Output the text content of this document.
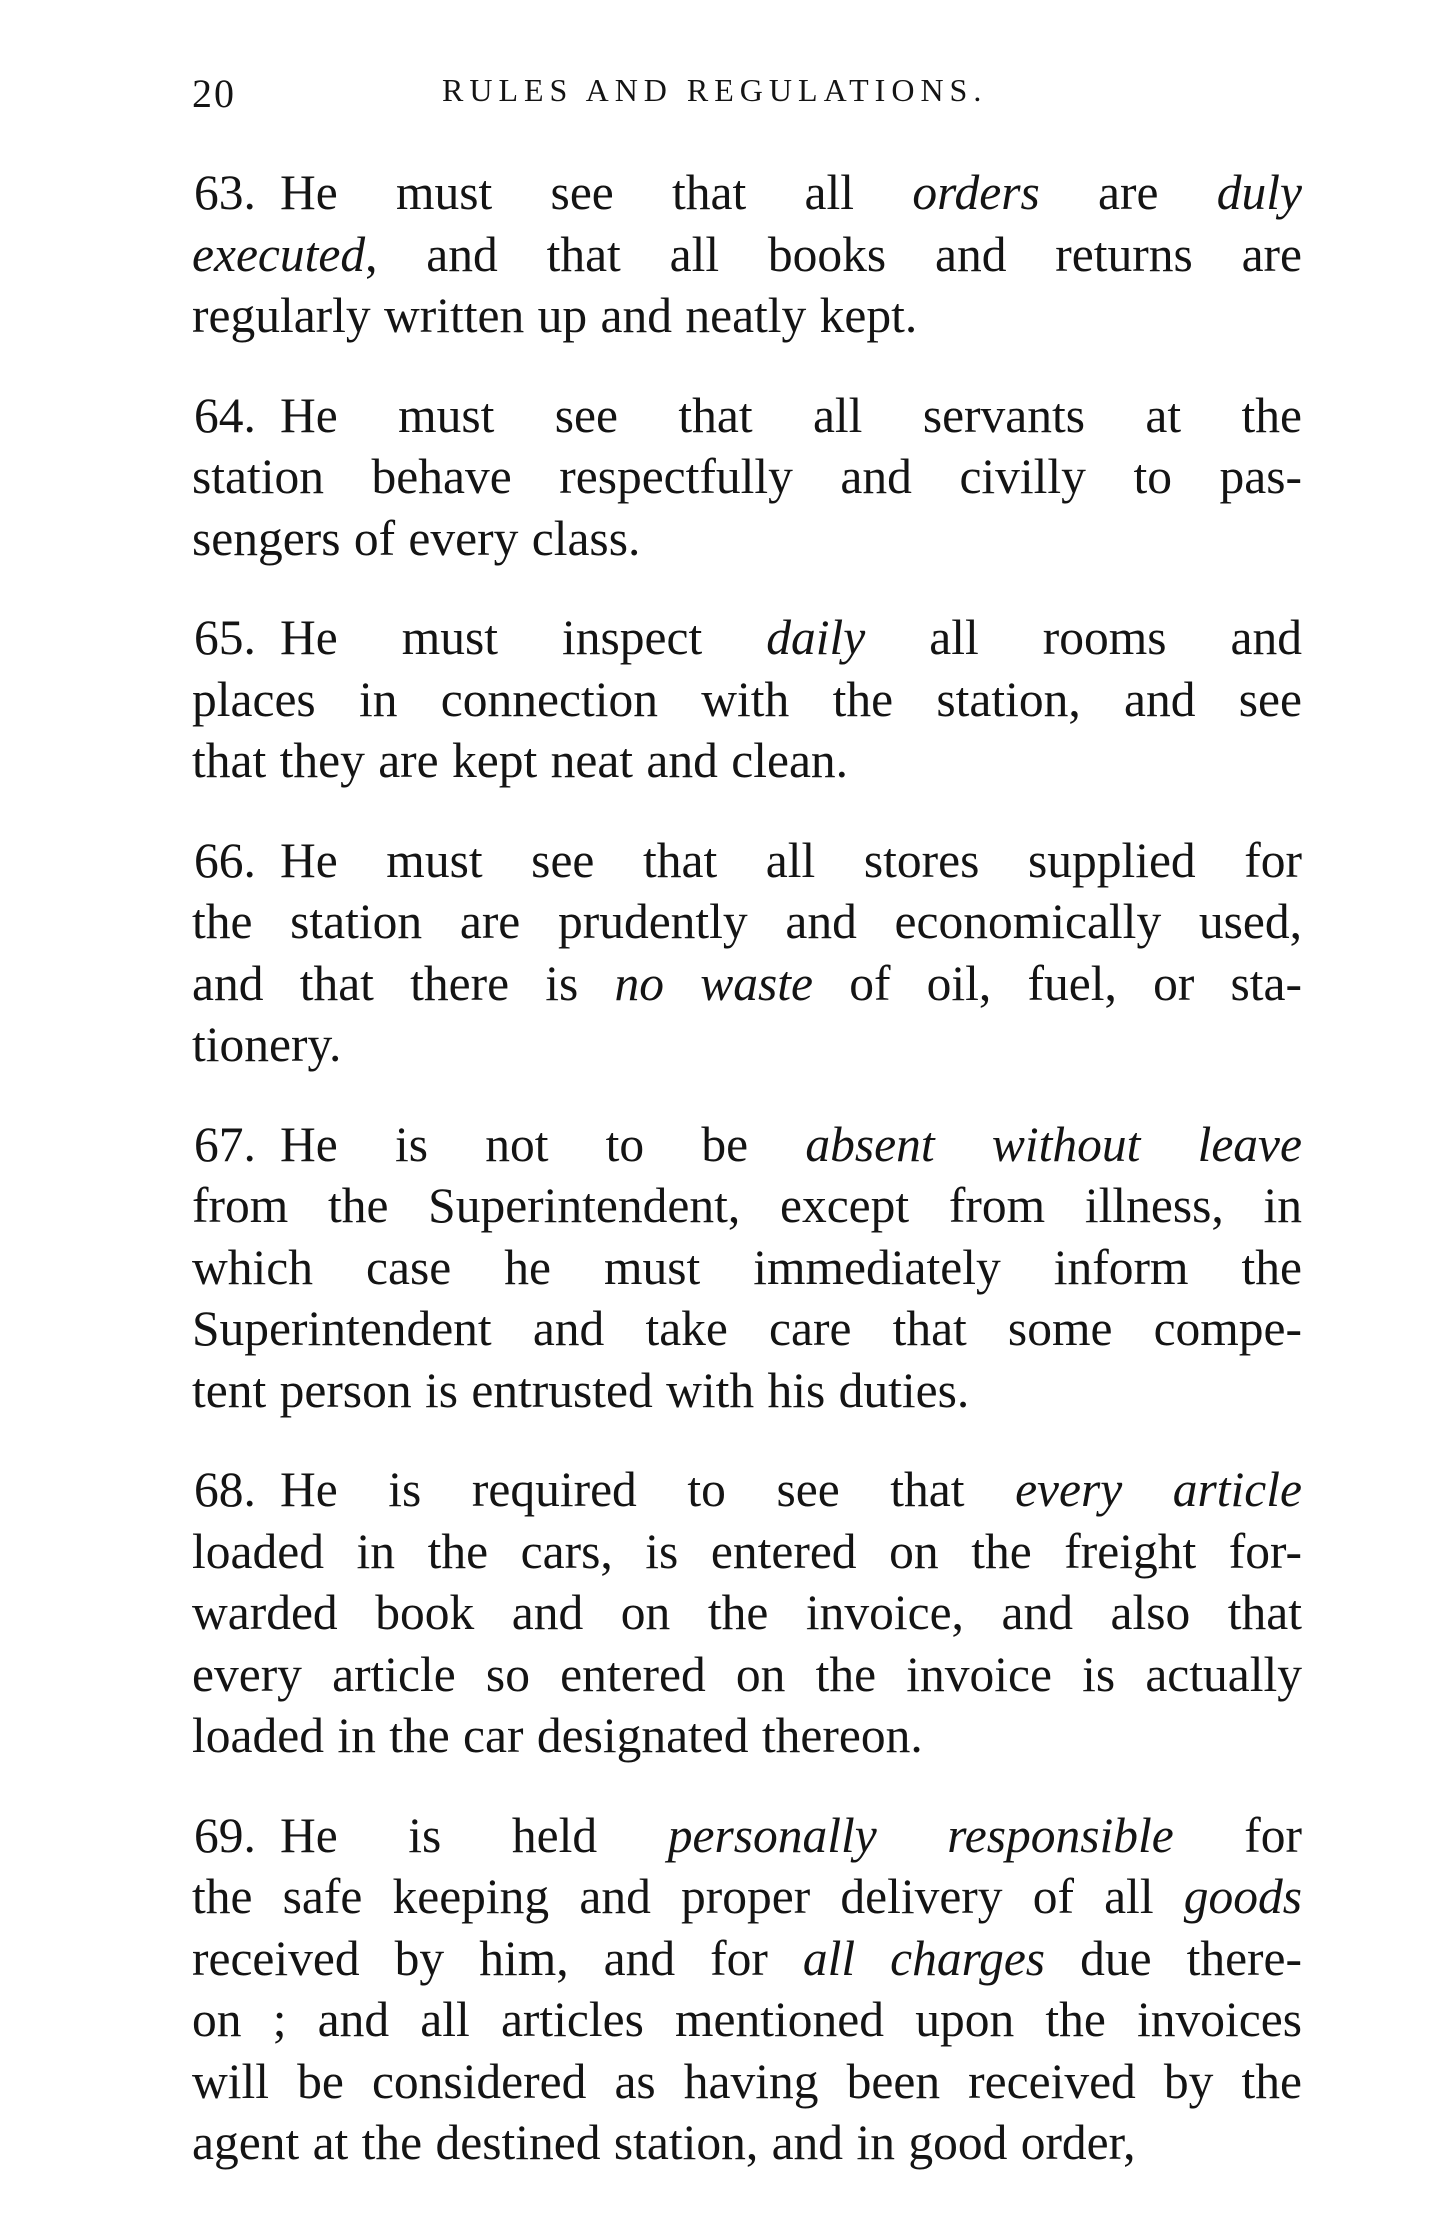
20	RULES AND REGULATIONS.

63. He must see that all orders are duly
executed, and that all books and returns are
regularly written up and neatly kept.

64. He must see that all servants at the
station behave respectfully and civilly to pas-
sengers of every class.

65. He must inspect daily all rooms and
places in connection with the station, and see
that they are kept neat and clean.

66. He must see that all stores supplied for
the station are prudently and economically used,
and that there is no waste of oil, fuel, or sta-
tionery.

67. He is not to be absent without leave
from the Superintendent, except from illness, in
which case he must immediately inform the
Superintendent and take care that some compe-
tent person is entrusted with his duties.

68. He is required to see that every article
loaded in the cars, is entered on the freight for-
warded book and on the invoice, and also that
every article so entered on the invoice is actually
loaded in the car designated thereon.

69. He is held personally responsible for
the safe keeping and proper delivery of all goods
received by him, and for all charges due there-
on ; and all articles mentioned upon the invoices
will be considered as having been received by the
agent at the destined station, and in good order,
